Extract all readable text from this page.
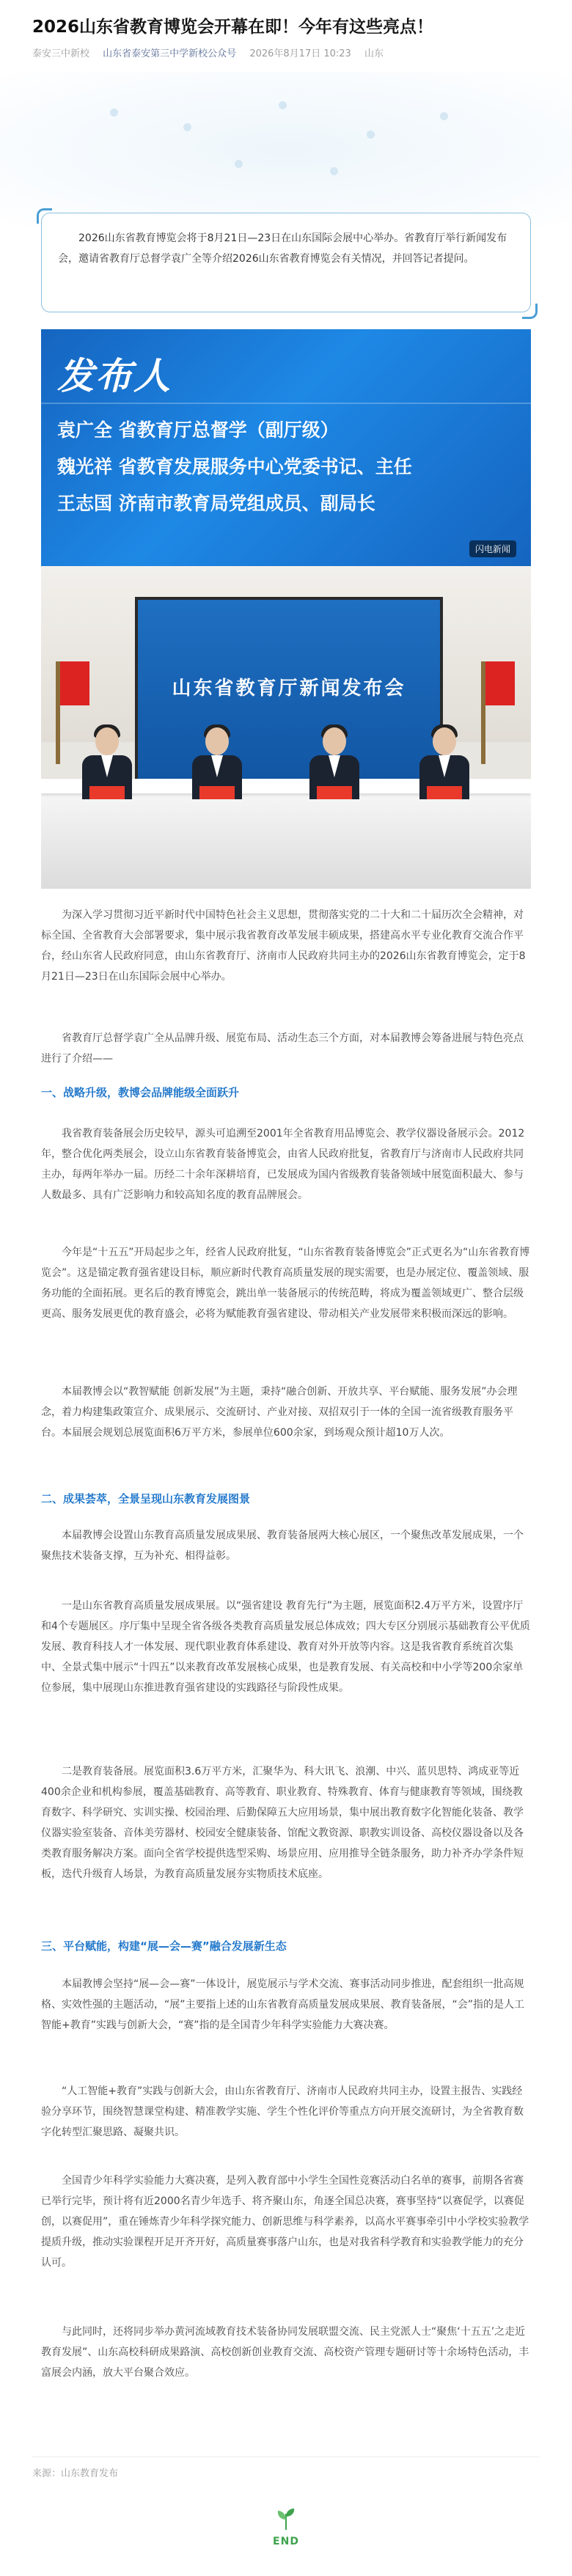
2026山东省教育博览会开幕在即！今年有这些亮点！
泰安三中新校 山东省泰安第三中学新校公众号 2026年8月17日 10:23 山东
2026山东省教育博览会将于8月21日—23日在山东国际会展中心举办。省教育厅举行新闻发布会，邀请省教育厅总督学袁广全等介绍2026山东省教育博览会有关情况，并回答记者提问。
发布人
袁广全 省教育厅总督学（副厅级）
魏光祥 省教育发展服务中心党委书记、主任
王志国 济南市教育局党组成员、副局长
闪电新闻
山东省教育厅新闻发布会

为深入学习贯彻习近平新时代中国特色社会主义思想，贯彻落实党的二十大和二十届历次全会精神，对标全国、全省教育大会部署要求，集中展示我省教育改革发展丰硕成果，搭建高水平专业化教育交流合作平台，经山东省人民政府同意，由山东省教育厅、济南市人民政府共同主办的2026山东省教育博览会，定于8月21日—23日在山东国际会展中心举办。

省教育厅总督学袁广全从品牌升级、展览布局、活动生态三个方面，对本届教博会筹备进展与特色亮点进行了介绍——

一、战略升级，教博会品牌能级全面跃升

我省教育装备展会历史较早，源头可追溯至2001年全省教育用品博览会、教学仪器设备展示会。2012年，整合优化两类展会，设立山东省教育装备博览会，由省人民政府批复，省教育厅与济南市人民政府共同主办，每两年举办一届。历经二十余年深耕培育，已发展成为国内省级教育装备领域中展览面积最大、参与人数最多、具有广泛影响力和较高知名度的教育品牌展会。

今年是“十五五”开局起步之年，经省人民政府批复，“山东省教育装备博览会”正式更名为“山东省教育博览会”。这是锚定教育强省建设目标，顺应新时代教育高质量发展的现实需要，也是办展定位、覆盖领域、服务功能的全面拓展。更名后的教育博览会，跳出单一装备展示的传统范畴，将成为覆盖领域更广、整合层级更高、服务发展更优的教育盛会，必将为赋能教育强省建设、带动相关产业发展带来积极而深远的影响。

本届教博会以“教智赋能 创新发展”为主题，秉持“融合创新、开放共享、平台赋能、服务发展”办会理念，着力构建集政策宣介、成果展示、交流研讨、产业对接、双招双引于一体的全国一流省级教育服务平台。本届展会规划总展览面积6万平方米，参展单位600余家，到场观众预计超10万人次。

二、成果荟萃，全景呈现山东教育发展图景

本届教博会设置山东教育高质量发展成果展、教育装备展两大核心展区，一个聚焦改革发展成果，一个聚焦技术装备支撑，互为补充、相得益彰。

一是山东省教育高质量发展成果展。以“强省建设 教育先行”为主题，展览面积2.4万平方米，设置序厅和4个专题展区。序厅集中呈现全省各级各类教育高质量发展总体成效；四大专区分别展示基础教育公平优质发展、教育科技人才一体发展、现代职业教育体系建设、教育对外开放等内容。这是我省教育系统首次集中、全景式集中展示“十四五”以来教育改革发展核心成果，也是教育发展、有关高校和中小学等200余家单位参展，集中展现山东推进教育强省建设的实践路径与阶段性成果。

二是教育装备展。展览面积3.6万平方米，汇聚华为、科大讯飞、浪潮、中兴、蓝贝思特、鸿成亚等近400余企业和机构参展，覆盖基础教育、高等教育、职业教育、特殊教育、体育与健康教育等领域，围绕教育数字、科学研究、实训实操、校园治理、后勤保障五大应用场景，集中展出教育数字化智能化装备、教学仪器实验室装备、音体美劳器材、校园安全健康装备、馆配文教资源、职教实训设备、高校仪器设备以及各类教育服务解决方案。面向全省学校提供选型采购、场景应用、应用推导全链条服务，助力补齐办学条件短板，迭代升级育人场景，为教育高质量发展夯实物质技术底座。

三、平台赋能，构建“展—会—赛”融合发展新生态

本届教博会坚持“展—会—赛”一体设计，展览展示与学术交流、赛事活动同步推进，配套组织一批高规格、实效性强的主题活动，“展”主要指上述的山东省教育高质量发展成果展、教育装备展，“会”指的是人工智能+教育”实践与创新大会，“赛”指的是全国青少年科学实验能力大赛决赛。

“人工智能+教育”实践与创新大会，由山东省教育厅、济南市人民政府共同主办，设置主报告、实践经验分享环节，围绕智慧课堂构建、精准教学实施、学生个性化评价等重点方向开展交流研讨，为全省教育数字化转型汇聚思路、凝聚共识。

全国青少年科学实验能力大赛决赛，是列入教育部中小学生全国性竞赛活动白名单的赛事，前期各省赛已举行完毕，预计将有近2000名青少年选手、将齐聚山东，角逐全国总决赛，赛事坚持“以赛促学，以赛促创，以赛促用”，重在锤炼青少年科学探究能力、创新思维与科学素养，以高水平赛事牵引中小学校实验教学提质升级，推动实验课程开足开齐开好，高质量赛事落户山东，也是对我省科学教育和实验教学能力的充分认可。

与此同时，还将同步举办黄河流域教育技术装备协同发展联盟交流、民主党派人士“聚焦‘十五五’之走近教育发展”、山东高校科研成果路演、高校创新创业教育交流、高校资产管理专题研讨等十余场特色活动，丰富展会内涵，放大平台聚合效应。

来源：山东教育发布
END
